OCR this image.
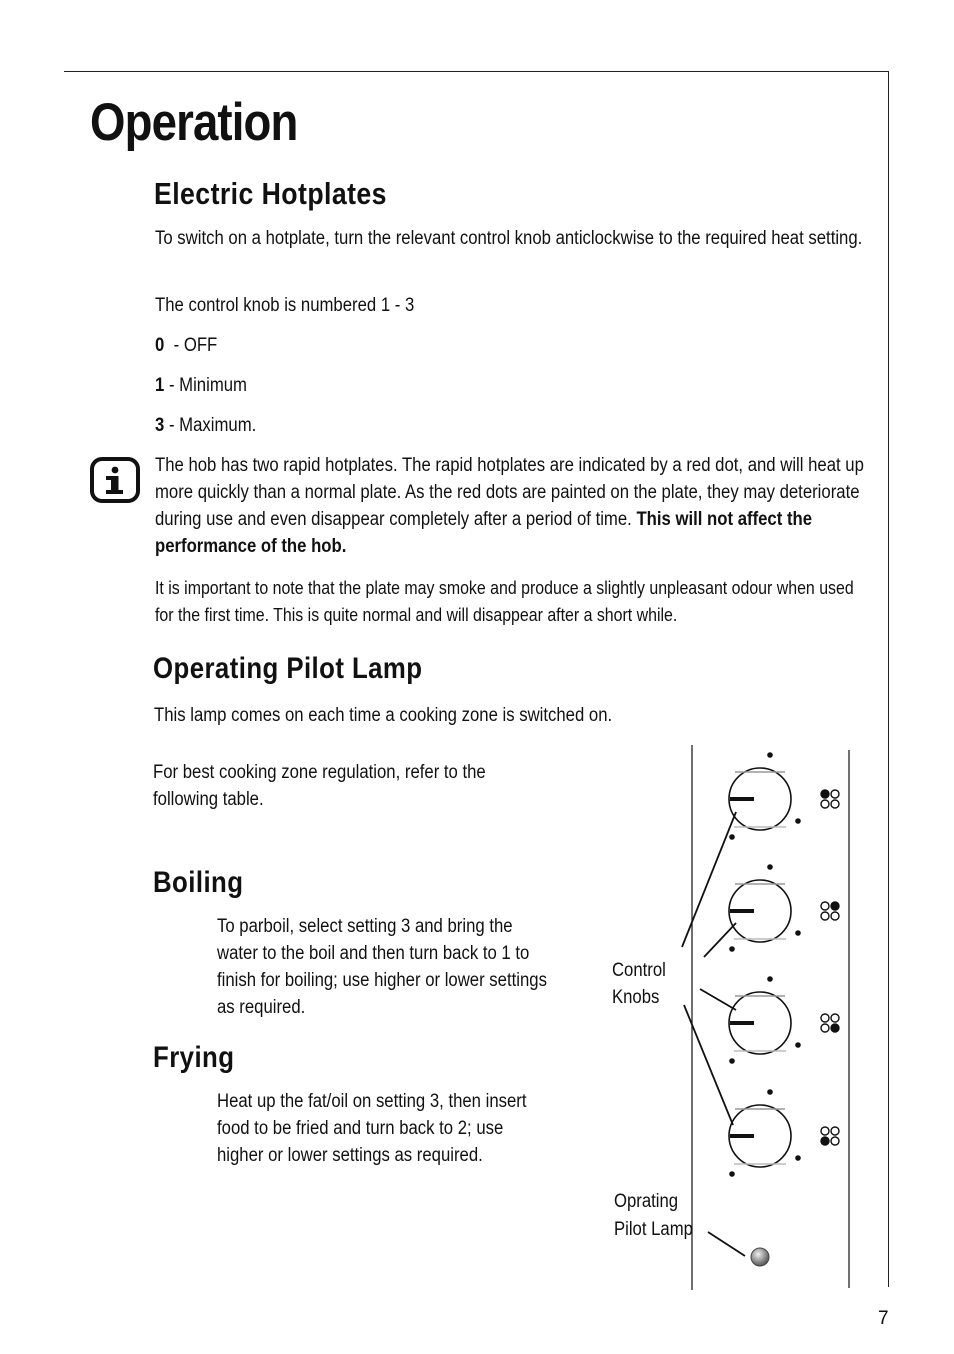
Operation
Electric Hotplates
To switch on a hotplate, turn the relevant control knob anticlockwise to the required heat setting.
The control knob is numbered 1 - 3
0  - OFF
1 - Minimum
3 - Maximum.
The hob has two rapid hotplates. The rapid hotplates are indicated by a red dot, and will heat up more quickly than a normal plate. As the red dots are painted on the plate, they may deteriorate during use and even disappear completely after a period of time. This will not affect the performance of the hob.
It is important to note that the plate may smoke and produce a slightly unpleasant odour when used for the first time. This is quite normal and will disappear after a short while.
Operating Pilot Lamp
This lamp comes on each time a cooking zone is switched on.
For best cooking zone regulation, refer to the following table.
Boiling
To parboil, select setting 3 and bring the water to the boil and then turn back to 1 to finish for boiling; use higher or lower settings as required.
Frying
Heat up the fat/oil on setting 3, then insert food to be fried and turn back to 2; use higher or lower settings as required.
Control
Knobs
Oprating
Pilot Lamp
7
